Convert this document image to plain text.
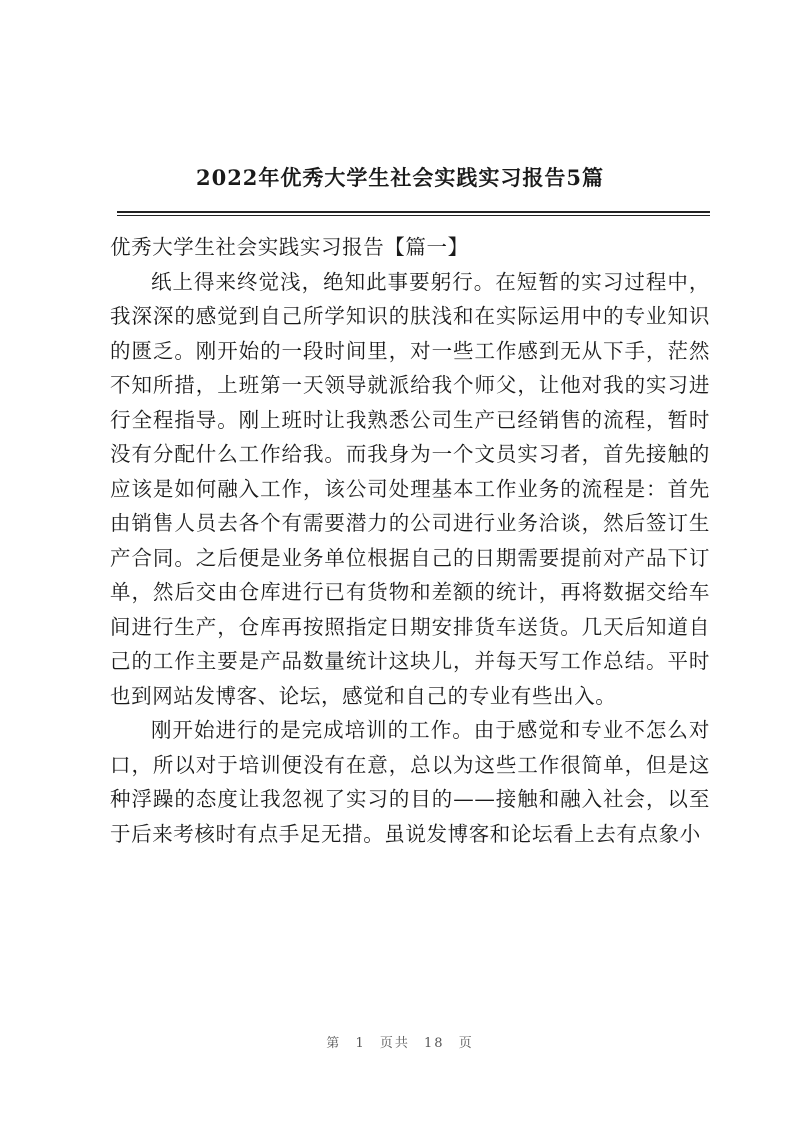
2022年优秀大学生社会实践实习报告5篇

优秀大学生社会实践实习报告【篇一】

纸上得来终觉浅，绝知此事要躬行。在短暂的实习过程中，我深深的感觉到自己所学知识的肤浅和在实际运用中的专业知识的匮乏。刚开始的一段时间里，对一些工作感到无从下手，茫然不知所措，上班第一天领导就派给我个师父，让他对我的实习进行全程指导。刚上班时让我熟悉公司生产已经销售的流程，暂时没有分配什么工作给我。而我身为一个文员实习者，首先接触的应该是如何融入工作，该公司处理基本工作业务的流程是：首先由销售人员去各个有需要潜力的公司进行业务洽谈，然后签订生产合同。之后便是业务单位根据自己的日期需要提前对产品下订单，然后交由仓库进行已有货物和差额的统计，再将数据交给车间进行生产，仓库再按照指定日期安排货车送货。几天后知道自己的工作主要是产品数量统计这块儿，并每天写工作总结。平时也到网站发博客、论坛，感觉和自己的专业有些出入。

刚开始进行的是完成培训的工作。由于感觉和专业不怎么对口，所以对于培训便没有在意，总以为这些工作很简单，但是这种浮躁的态度让我忽视了实习的目的——接触和融入社会，以至于后来考核时有点手足无措。虽说发博客和论坛看上去有点象小

第 1 页共 18 页
